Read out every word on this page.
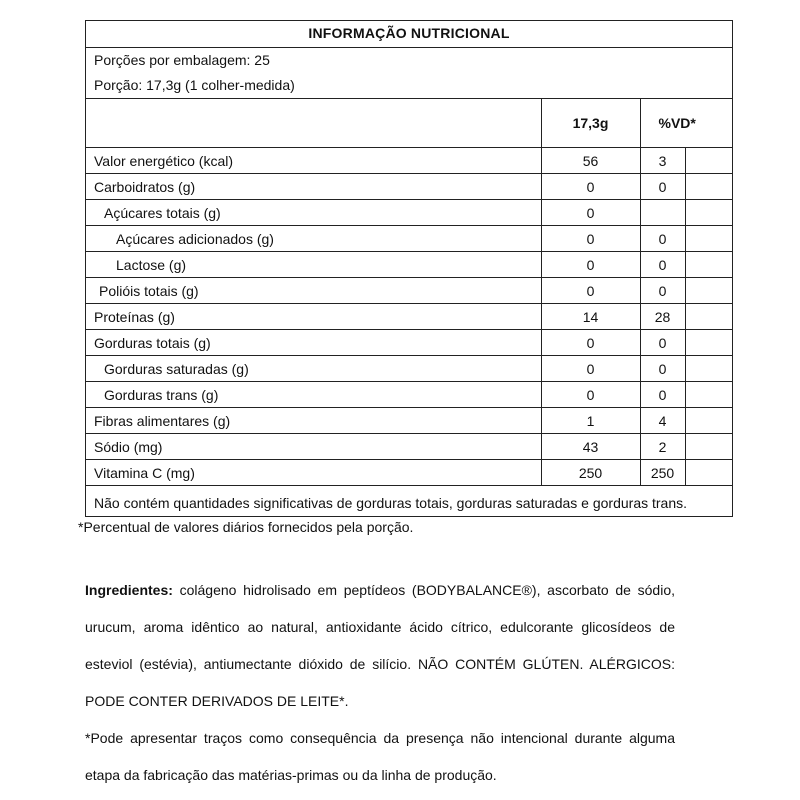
INFORMAÇÃO NUTRICIONAL
Porções por embalagem: 25
Porção: 17,3g (1 colher-medida)
	17,3g	%VD*	
Valor energético (kcal)	56	3	
Carboidratos (g)	0	0	
Açúcares totais (g)	0		
Açúcares adicionados (g)	0	0	
Lactose (g)	0	0	
Polióis totais (g)	0	0	
Proteínas (g)	14	28	
Gorduras totais (g)	0	0	
Gorduras saturadas (g)	0	0	
Gorduras trans (g)	0	0	
Fibras alimentares (g)	1	4	
Sódio (mg)	43	2	
Vitamina C (mg)	250	250	
Não contém quantidades significativas de gorduras totais, gorduras saturadas e gorduras trans.
*Percentual de valores diários fornecidos pela porção.
Ingredientes: colágeno hidrolisado em peptídeos (BODYBALANCE®), ascorbato de sódio, urucum, aroma idêntico ao natural, antioxidante ácido cítrico, edulcorante glicosídeos de esteviol (estévia), antiumectante dióxido de silício. NÃO CONTÉM GLÚTEN. ALÉRGICOS: PODE CONTER DERIVADOS DE LEITE*.
*Pode apresentar traços como consequência da presença não intencional durante alguma etapa da fabricação das matérias-primas ou da linha de produção.
